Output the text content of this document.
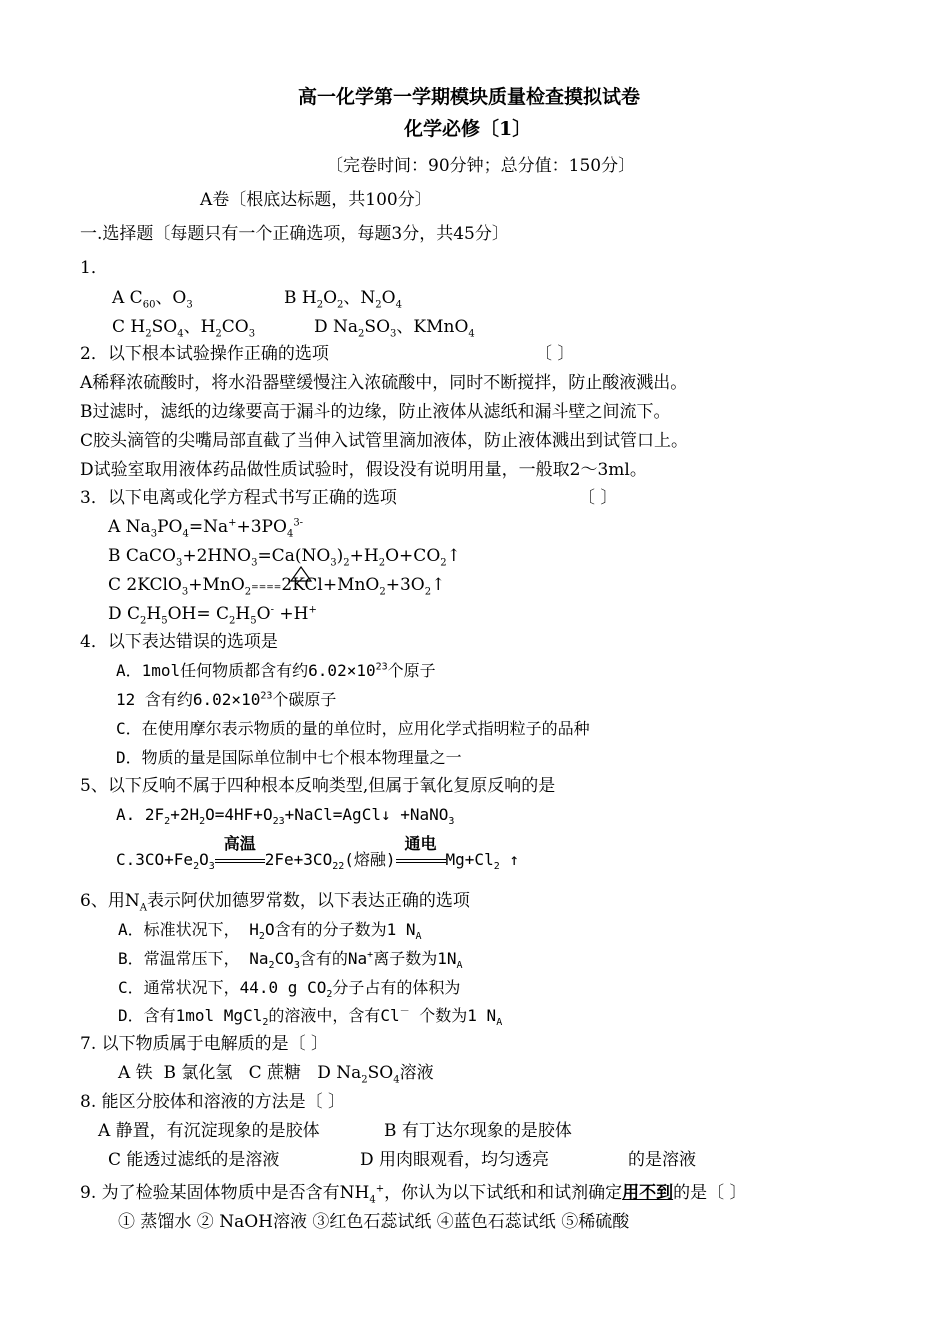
高一化学第一学期模块质量检查摸拟试卷
化学必修〔1〕
〔完卷时间：90分钟；总分值：150分〕
A卷〔根底达标题，共100分〕
一.选择题〔每题只有一个正确选项，每题3分，共45分〕
1．
A $C_{60}$、$O_3$	B $H_2O_2$、$N_2O_4$
C $H_2SO_4$、$H_2CO_3$	D $Na_2SO_3$、KMnO$_4$
2．以下根本试验操作正确的选项	〔 〕
A稀释浓硫酸时，将水沿器壁缓慢注入浓硫酸中，同时不断搅拌，防止酸液溅出。
B过滤时，滤纸的边缘要高于漏斗的边缘，防止液体从滤纸和漏斗壁之间流下。
C胶头滴管的尖嘴局部直截了当伸入试管里滴加液体，防止液体溅出到试管口上。
D试验室取用液体药品做性质试验时，假设没有说明用量，一般取2～3ml。
3．以下电离或化学方程式书写正确的选项	〔 〕
A $Na_3PO_4=Na^++3PO_4^{3-}$
B $CaCO_3+2HNO_3=Ca(NO_3)_2+H_2O+CO_2↑$
C $2KClO_3+MnO_2====2KCl+MnO_2+3O_2↑$
D $C_2H_5OH= C_2H_5O^- +H^+$
4．以下表达错误的选项是
A．1mol任何物质都含有约$6.02\times 10^{23}$个原子
12 含有约$6.02\times 10^{23}$个碳原子
C．在使用摩尔表示物质的量的单位时，应用化学式指明粒子的品种
D．物质的量是国际单位制中七个根本物理量之一
5、以下反响不属于四种根本反响类型,但属于氧化复原反响的是
A. $2F_2+2H_2O=4HF+O_{23}+NaCl=AgCl↓$ +NaNO$_3$
$C.3CO+Fe_2O_3$
高温
$2Fe+3CO_{22}$(熔融)
通电
$Mg+Cl_2$ ↑
6、用$N_A$表示阿伏加德罗常数，以下表达正确的选项
A．标准状况下， $H_2O$含有的分子数为1 $N_A$
B．常温常压下， $Na_2CO_3$含有的Na+离子数为$1N_A$
C．通常状况下，44.0 g $CO_2$分子占有的体积为
D．含有1mol MgCl$_2$的溶液中，含有Cl－ 个数为1 $N_A$
7. 以下物质属于电解质的是〔 〕
A 铁  B 氯化氢   C 蔗糖   D $Na_2SO_4$溶液
8. 能区分胶体和溶液的方法是〔 〕
A 静置，有沉淀现象的是胶体	B 有丁达尔现象的是胶体
C 能透过滤纸的是溶液	D 用肉眼观看，均匀透亮	的是溶液
9. 为了检验某固体物质中是否含有$NH_4^+$，你认为以下试纸和和试剂确定用不到的是〔 〕
① 蒸馏水 ② NaOH溶液 ③红色石蕊试纸 ④蓝色石蕊试纸 ⑤稀硫酸
